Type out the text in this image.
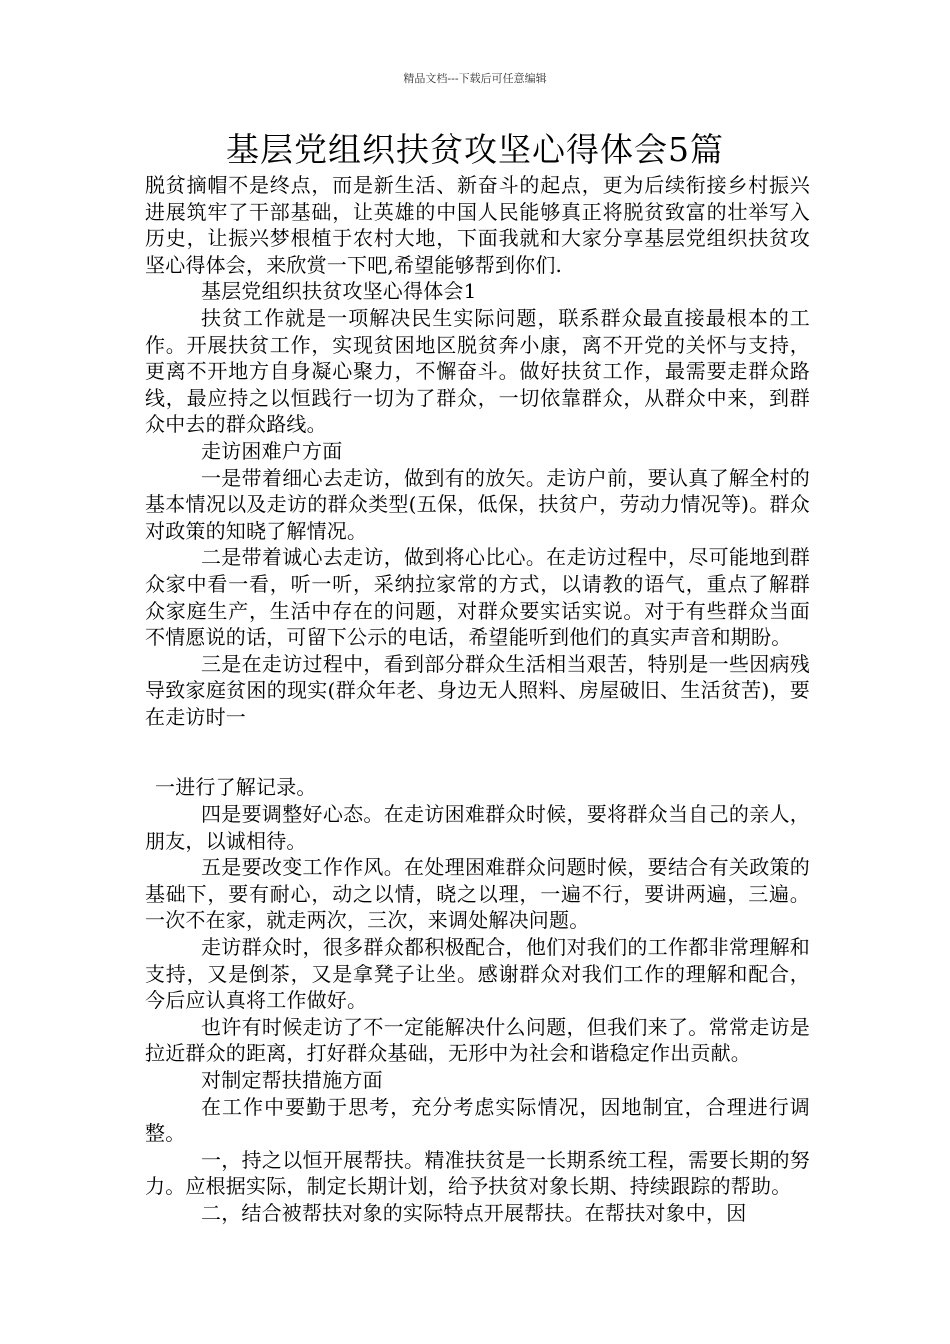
精品文档---下载后可任意编辑
基层党组织扶贫攻坚心得体会5篇

脱贫摘帽不是终点，而是新生活、新奋斗的起点，更为后续衔接乡村振兴进展筑牢了干部基础，让英雄的中国人民能够真正将脱贫致富的壮举写入历史，让振兴梦根植于农村大地，下面我就和大家分享基层党组织扶贫攻坚心得体会，来欣赏一下吧,希望能够帮到你们.

基层党组织扶贫攻坚心得体会1

扶贫工作就是一项解决民生实际问题，联系群众最直接最根本的工作。开展扶贫工作，实现贫困地区脱贫奔小康，离不开党的关怀与支持，更离不开地方自身凝心聚力，不懈奋斗。做好扶贫工作，最需要走群众路线，最应持之以恒践行一切为了群众，一切依靠群众，从群众中来，到群众中去的群众路线。

走访困难户方面

一是带着细心去走访，做到有的放矢。走访户前，要认真了解全村的基本情况以及走访的群众类型(五保，低保，扶贫户，劳动力情况等)。群众对政策的知晓了解情况。

二是带着诚心去走访，做到将心比心。在走访过程中，尽可能地到群众家中看一看，听一听，采纳拉家常的方式，以请教的语气，重点了解群众家庭生产，生活中存在的问题，对群众要实话实说。对于有些群众当面不情愿说的话，可留下公示的电话，希望能听到他们的真实声音和期盼。

三是在走访过程中，看到部分群众生活相当艰苦，特别是一些因病残导致家庭贫困的现实(群众年老、身边无人照料、房屋破旧、生活贫苦)，要在走访时一

一进行了解记录。

四是要调整好心态。在走访困难群众时候，要将群众当自己的亲人，朋友，以诚相待。

五是要改变工作作风。在处理困难群众问题时候，要结合有关政策的基础下，要有耐心，动之以情，晓之以理，一遍不行，要讲两遍，三遍。一次不在家，就走两次，三次，来调处解决问题。

走访群众时，很多群众都积极配合，他们对我们的工作都非常理解和支持，又是倒茶，又是拿凳子让坐。感谢群众对我们工作的理解和配合，今后应认真将工作做好。

也许有时候走访了不一定能解决什么问题，但我们来了。常常走访是拉近群众的距离，打好群众基础，无形中为社会和谐稳定作出贡献。

对制定帮扶措施方面

在工作中要勤于思考，充分考虑实际情况，因地制宜，合理进行调整。

一，持之以恒开展帮扶。精准扶贫是一长期系统工程，需要长期的努力。应根据实际，制定长期计划，给予扶贫对象长期、持续跟踪的帮助。

二，结合被帮扶对象的实际特点开展帮扶。在帮扶对象中，因
